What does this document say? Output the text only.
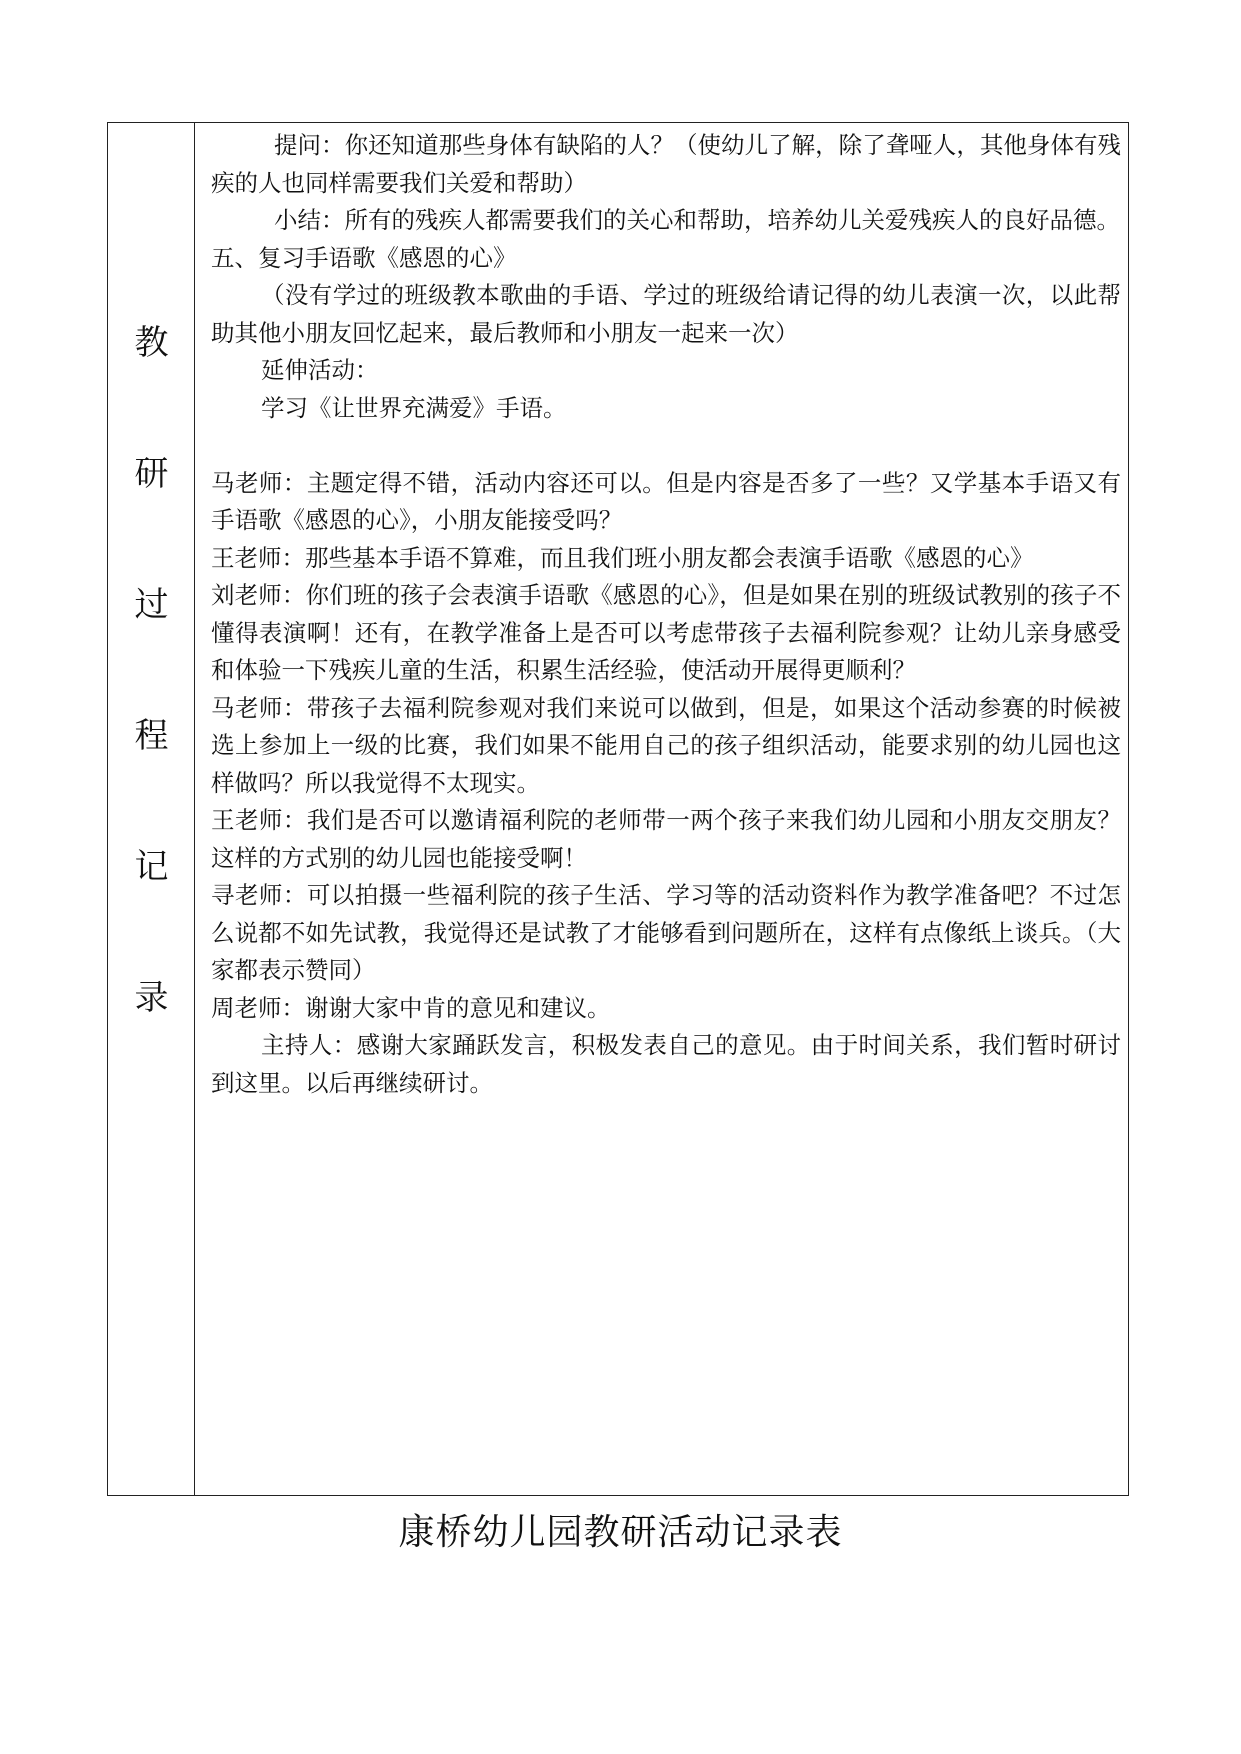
教
研
过
程
记
录

提问：你还知道那些身体有缺陷的人？（使幼儿了解，除了聋哑人，其他身体有残疾的人也同样需要我们关爱和帮助）

小结：所有的残疾人都需要我们的关心和帮助，培养幼儿关爱残疾人的良好品德。

五、复习手语歌《感恩的心》

（没有学过的班级教本歌曲的手语、学过的班级给请记得的幼儿表演一次，以此帮助其他小朋友回忆起来，最后教师和小朋友一起来一次）

延伸活动：

学习《让世界充满爱》手语。

马老师：主题定得不错，活动内容还可以。但是内容是否多了一些？又学基本手语又有手语歌《感恩的心》，小朋友能接受吗？

王老师：那些基本手语不算难，而且我们班小朋友都会表演手语歌《感恩的心》

刘老师：你们班的孩子会表演手语歌《感恩的心》，但是如果在别的班级试教别的孩子不懂得表演啊！还有，在教学准备上是否可以考虑带孩子去福利院参观？让幼儿亲身感受和体验一下残疾儿童的生活，积累生活经验，使活动开展得更顺利？

马老师：带孩子去福利院参观对我们来说可以做到，但是，如果这个活动参赛的时候被选上参加上一级的比赛，我们如果不能用自己的孩子组织活动，能要求别的幼儿园也这样做吗？所以我觉得不太现实。

王老师：我们是否可以邀请福利院的老师带一两个孩子来我们幼儿园和小朋友交朋友？这样的方式别的幼儿园也能接受啊！

寻老师：可以拍摄一些福利院的孩子生活、学习等的活动资料作为教学准备吧？不过怎么说都不如先试教，我觉得还是试教了才能够看到问题所在，这样有点像纸上谈兵。（大家都表示赞同）

周老师：谢谢大家中肯的意见和建议。

主持人：感谢大家踊跃发言，积极发表自己的意见。由于时间关系，我们暂时研讨到这里。以后再继续研讨。

康桥幼儿园教研活动记录表
